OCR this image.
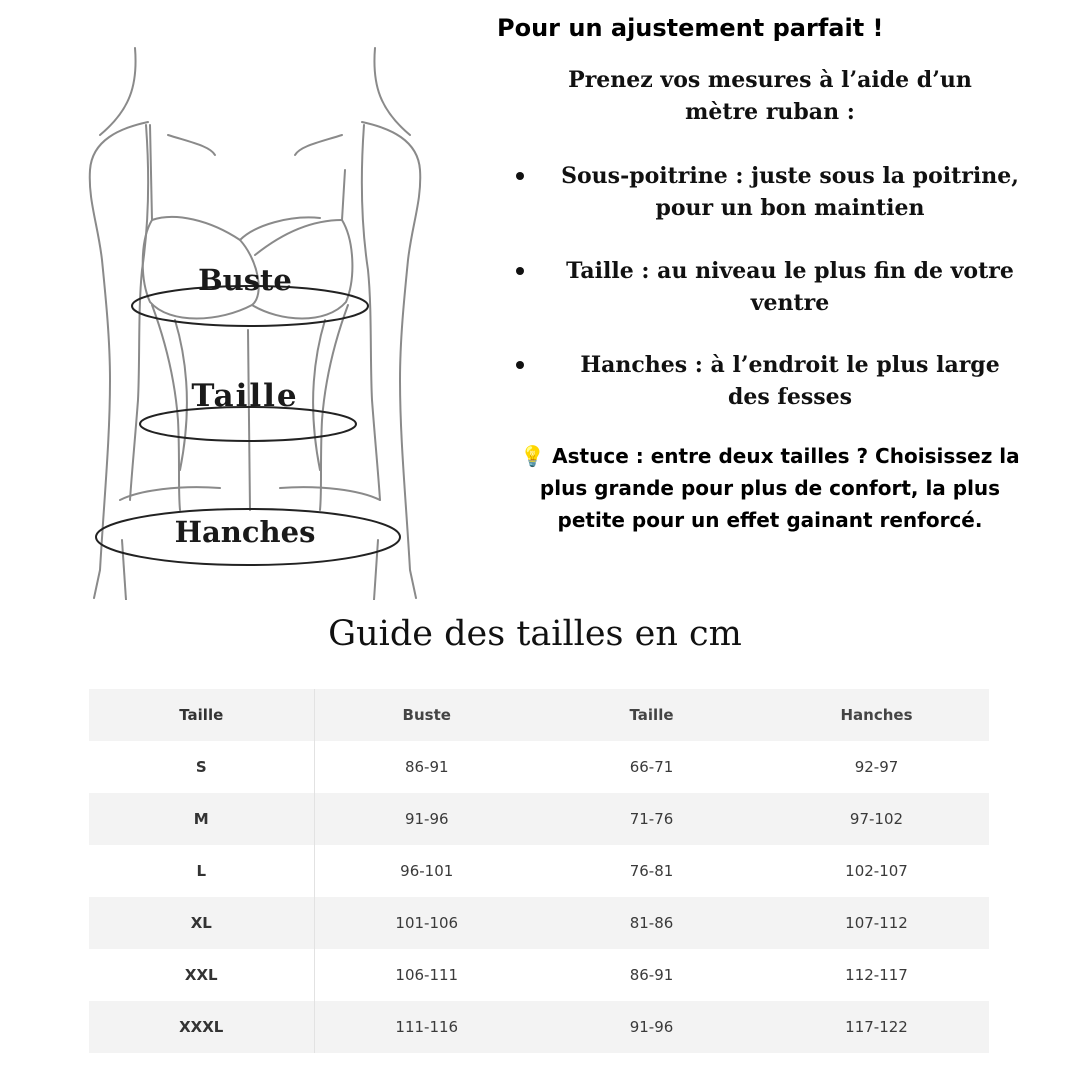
Buste
Taille
Hanches
Pour un ajustement parfait !
Prenez vos mesures à l’aide d’un mètre ruban :
Sous-poitrine : juste sous la poitrine, pour un bon maintien
Taille : au niveau le plus fin de votre ventre
Hanches : à l’endroit le plus large des fesses
💡 Astuce : entre deux tailles ? Choisissez la plus grande pour plus de confort, la plus petite pour un effet gainant renforcé.
Guide des tailles en cm
Taille	Buste	Taille	Hanches
S	86-91	66-71	92-97
M	91-96	71-76	97-102
L	96-101	76-81	102-107
XL	101-106	81-86	107-112
XXL	106-111	86-91	112-117
XXXL	111-116	91-96	117-122
